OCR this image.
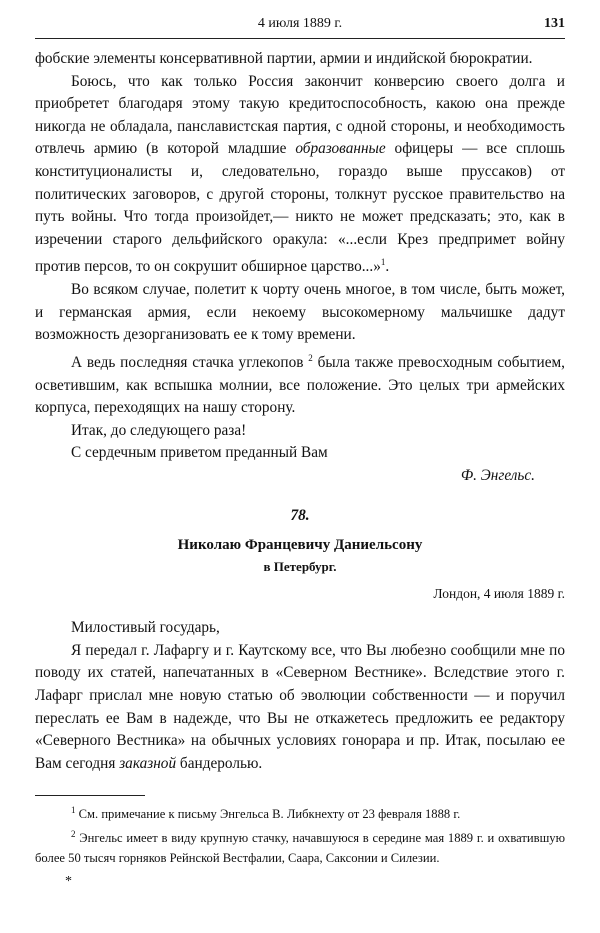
4 июля 1889 г.	131

фобские элементы консервативной партии, армии и индийской бюрократии.

Боюсь, что как только Россия закончит конверсию своего долга и приобретет благодаря этому такую кредитоспособность, какою она прежде никогда не обладала, панславистская партия, с одной стороны, и необходимость отвлечь армию (в которой младшие образованные офицеры — все сплошь конституционалисты и, следовательно, гораздо выше пруссаков) от политических заговоров, с другой стороны, толкнут русское правительство на путь войны. Что тогда произойдет,— никто не может предсказать; это, как в изречении старого дельфийского оракула: «...если Крез предпримет войну против персов, то он сокрушит обширное царство...»$^1$.

Во всяком случае, полетит к чорту очень многое, в том числе, быть может, и германская армия, если некоему высокомерному мальчишке дадут возможность дезорганизовать ее к тому времени.

А ведь последняя стачка углекопов $^2$ была также превосходным событием, осветившим, как вспышка молнии, все положение. Это целых три армейских корпуса, переходящих на нашу сторону.

Итак, до следующего раза!

С сердечным приветом преданный Вам

Ф. Энгельс.

78.

Николаю Францевичу Даниельсону

в Петербург.

Лондон, 4 июля 1889 г.

Милостивый государь,

Я передал г. Лафаргу и г. Каутскому все, что Вы любезно сообщили мне по поводу их статей, напечатанных в «Северном Вестнике». Вследствие этого г. Лафарг прислал мне новую статью об эволюции собственности — и поручил переслать ее Вам в надежде, что Вы не откажетесь предложить ее редактору «Северного Вестника» на обычных условиях гонорара и пр. Итак, посылаю ее Вам сегодня заказной бандеролью.

$^1$ См. примечание к письму Энгельса В. Либкнехту от 23 февраля 1888 г.

$^2$ Энгельс имеет в виду крупную стачку, начавшуюся в середине мая 1889 г. и охватившую более 50 тысяч горняков Рейнской Вестфалии, Саара, Саксонии и Силезии.

*
